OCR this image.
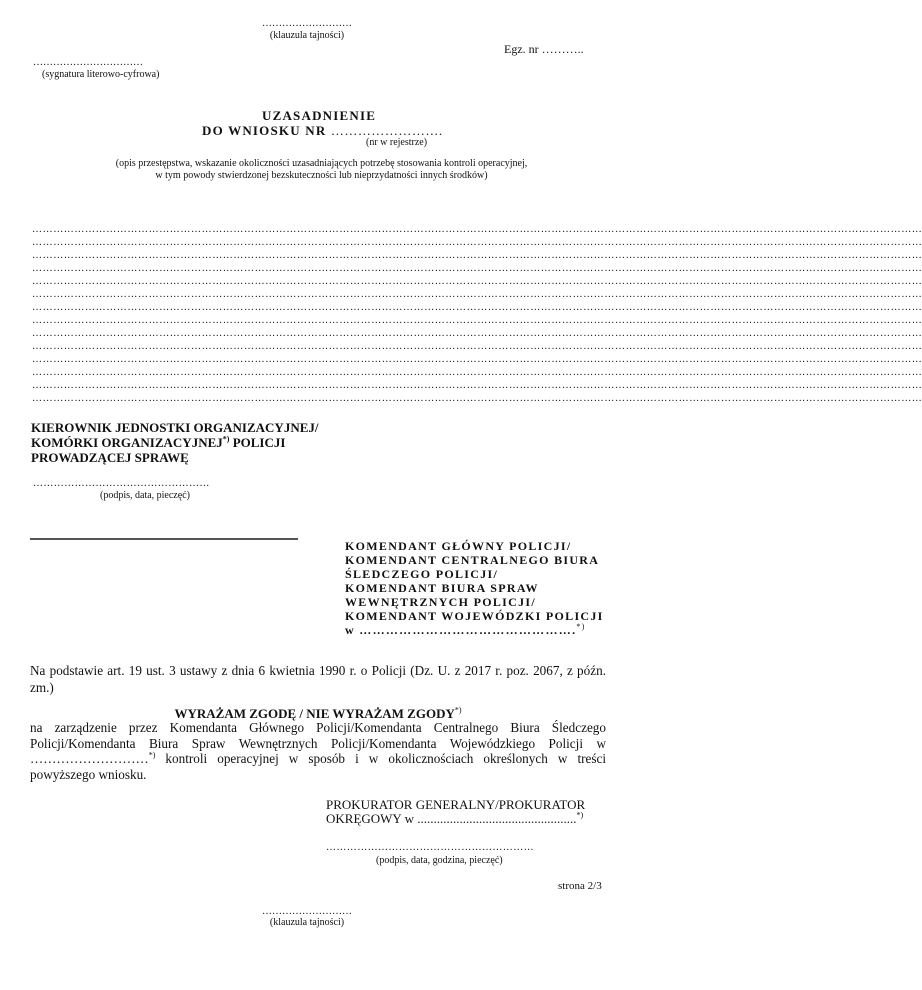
………………………
(klauzula tajności)
Egz. nr ………..
……………………………
(sygnatura literowo-cyfrowa)
UZASADNIENIE
DO WNIOSKU NR …………………….
(nr w rejestrze)
(opis przestępstwa, wskazanie okoliczności uzasadniających potrzebę stosowania kontroli operacyjnej,
w tym powody stwierdzonej bezskuteczności lub nieprzydatności innych środków)
………………………………………………………………………………………………………………………………………………………………………………………………………………………………
………………………………………………………………………………………………………………………………………………………………………………………………………………………………
………………………………………………………………………………………………………………………………………………………………………………………………………………………………
………………………………………………………………………………………………………………………………………………………………………………………………………………………………
………………………………………………………………………………………………………………………………………………………………………………………………………………………………
………………………………………………………………………………………………………………………………………………………………………………………………………………………………
………………………………………………………………………………………………………………………………………………………………………………………………………………………………
………………………………………………………………………………………………………………………………………………………………………………………………………………………………
………………………………………………………………………………………………………………………………………………………………………………………………………………………………
………………………………………………………………………………………………………………………………………………………………………………………………………………………………
………………………………………………………………………………………………………………………………………………………………………………………………………………………………
………………………………………………………………………………………………………………………………………………………………………………………………………………………………
………………………………………………………………………………………………………………………………………………………………………………………………………………………………
………………………………………………………………………………………………………………………………………………………………………………………………………………………………
KIEROWNIK JEDNOSTKI ORGANIZACYJNEJ/
KOMÓRKI ORGANIZACYJNEJ*) POLICJI
PROWADZĄCEJ SPRAWĘ
……………………………………………
(podpis, data, pieczęć)
KOMENDANT GŁÓWNY POLICJI/
KOMENDANT CENTRALNEGO BIURA
ŚLEDCZEGO POLICJI/
KOMENDANT BIURA SPRAW
WEWNĘTRZNYCH POLICJI/
KOMENDANT WOJEWÓDZKI POLICJI
w ………………………………………….*)
Na podstawie art. 19 ust. 3 ustawy z dnia 6 kwietnia 1990 r. o Policji (Dz. U. z 2017 r. poz. 2067, z późn. zm.)
WYRAŻAM ZGODĘ / NIE WYRAŻAM ZGODY*)
na zarządzenie przez Komendanta Głównego Policji/Komendanta Centralnego Biura Śledczego Policji/Komendanta Biura Spraw Wewnętrznych Policji/Komendanta Wojewódzkiego Policji w ………………………*) kontroli operacyjnej w sposób i w okolicznościach określonych w treści powyższego wniosku.
PROKURATOR GENERALNY/PROKURATOR
OKRĘGOWY w .................................................*)
……………………………………………………
(podpis, data, godzina, pieczęć)
strona 2/3
………………………
(klauzula tajności)
